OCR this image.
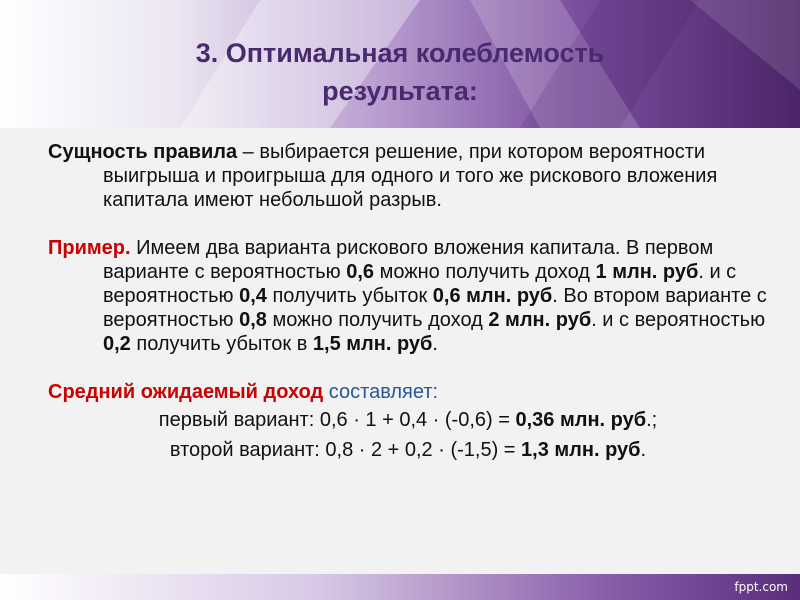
3. Оптимальная колеблемость
результата:

Сущность правила – выбирается решение, при котором вероятности выигрыша и проигрыша для одного и того же рискового вложения капитала имеют небольшой разрыв.

Пример. Имеем два варианта рискового вложения капитала. В первом варианте с вероятностью 0,6 можно получить доход 1 млн. руб. и с вероятностью 0,4 получить убыток 0,6 млн. руб. Во втором варианте с вероятностью 0,8 можно получить доход 2 млн. руб. и с вероятностью 0,2 получить убыток в 1,5 млн. руб.

Средний ожидаемый доход составляет:

первый вариант: 0,6 · 1 + 0,4 · (-0,6) = 0,36 млн. руб.;

второй вариант: 0,8 · 2 + 0,2 · (-1,5) = 1,3 млн. руб.

fppt.com
